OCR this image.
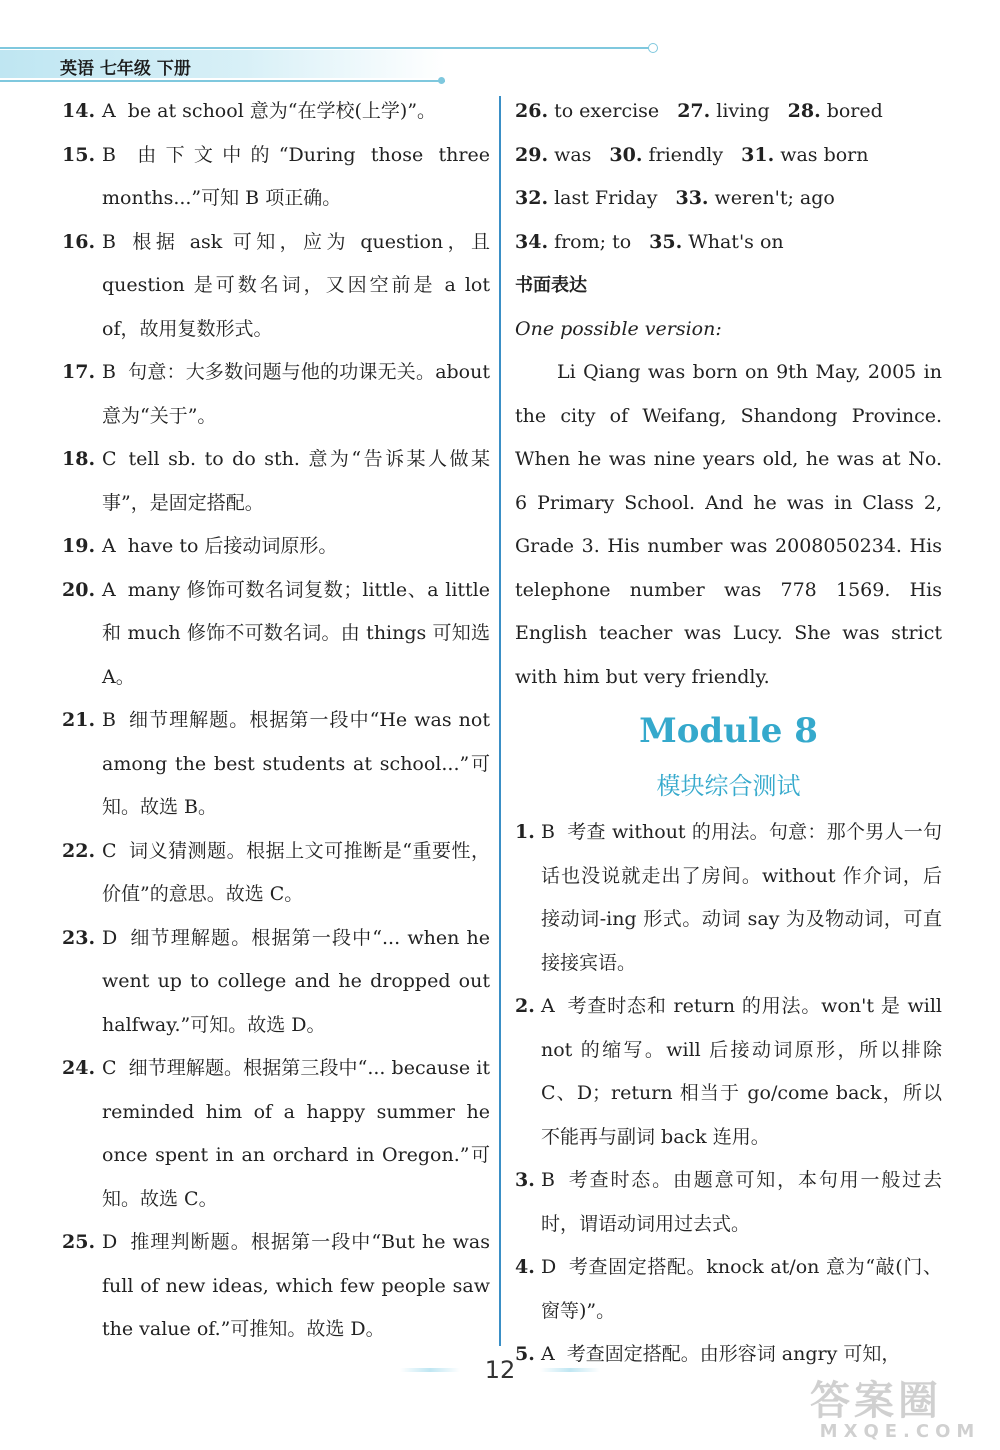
英语 七年级 下册
14. A be at school 意为“在学校(上学)”。
15. B 由下文中的“During those three months...”可知 B 项正确。
16. B 根据 ask 可知，应为 question，且 question 是可数名词，又因空前是 a lot of，故用复数形式。
17. B 句意：大多数问题与他的功课无关。about 意为“关于”。
18. C tell sb. to do sth. 意为“告诉某人做某事”，是固定搭配。
19. A have to 后接动词原形。
20. A many 修饰可数名词复数；little、a little 和 much 修饰不可数名词。由 things 可知选 A。
21. B 细节理解题。根据第一段中“He was not among the best students at school...”可知。故选 B。
22. C 词义猜测题。根据上文可推断是“重要性，价值”的意思。故选 C。
23. D 细节理解题。根据第一段中“... when he went up to college and he dropped out halfway.”可知。故选 D。
24. C 细节理解题。根据第三段中“... because it reminded him of a happy summer he once spent in an orchard in Oregon.”可知。故选 C。
25. D 推理判断题。根据第一段中“But he was full of new ideas, which few people saw the value of.”可推知。故选 D。
26. to exercise 27. living 28. bored
29. was 30. friendly 31. was born
32. last Friday 33. weren't; ago
34. from; to 35. What's on
书面表达
One possible version:
Li Qiang was born on 9th May, 2005 in the city of Weifang, Shandong Province. When he was nine years old, he was at No. 6 Primary School. And he was in Class 2, Grade 3. His number was 2008050234. His telephone number was 778 1569. His English teacher was Lucy. She was strict with him but very friendly.
Module 8
模块综合测试
1. B 考查 without 的用法。句意：那个男人一句话也没说就走出了房间。without 作介词，后接动词-ing 形式。动词 say 为及物动词，可直接接宾语。
2. A 考查时态和 return 的用法。won't 是 will not 的缩写。will 后接动词原形，所以排除 C、D；return 相当于 go/come back，所以不能再与副词 back 连用。
3. B 考查时态。由题意可知，本句用一般过去时，谓语动词用过去式。
4. D 考查固定搭配。knock at/on 意为“敲(门、窗等)”。
5. A 考查固定搭配。由形容词 angry 可知，
12
答案圈
MXQE.COM
